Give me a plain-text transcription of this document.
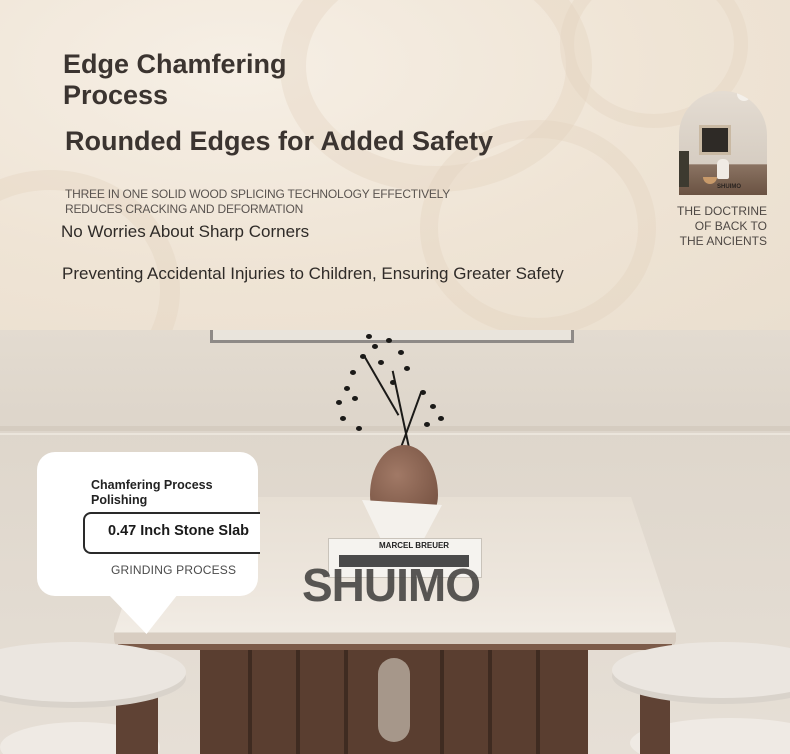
Edge Chamfering
Process
Rounded Edges for Added Safety
THREE IN ONE SOLID WOOD SPLICING TECHNOLOGY EFFECTIVELY
REDUCES CRACKING AND DEFORMATION
No Worries About Sharp Corners
Preventing Accidental Injuries to Children, Ensuring Greater Safety
SHUIMO
THE DOCTRINE
OF BACK TO
THE ANCIENTS
MARCEL BREUER
SHUIMO
Chamfering Process
Polishing
0.47 Inch Stone Slab
GRINDING PROCESS
